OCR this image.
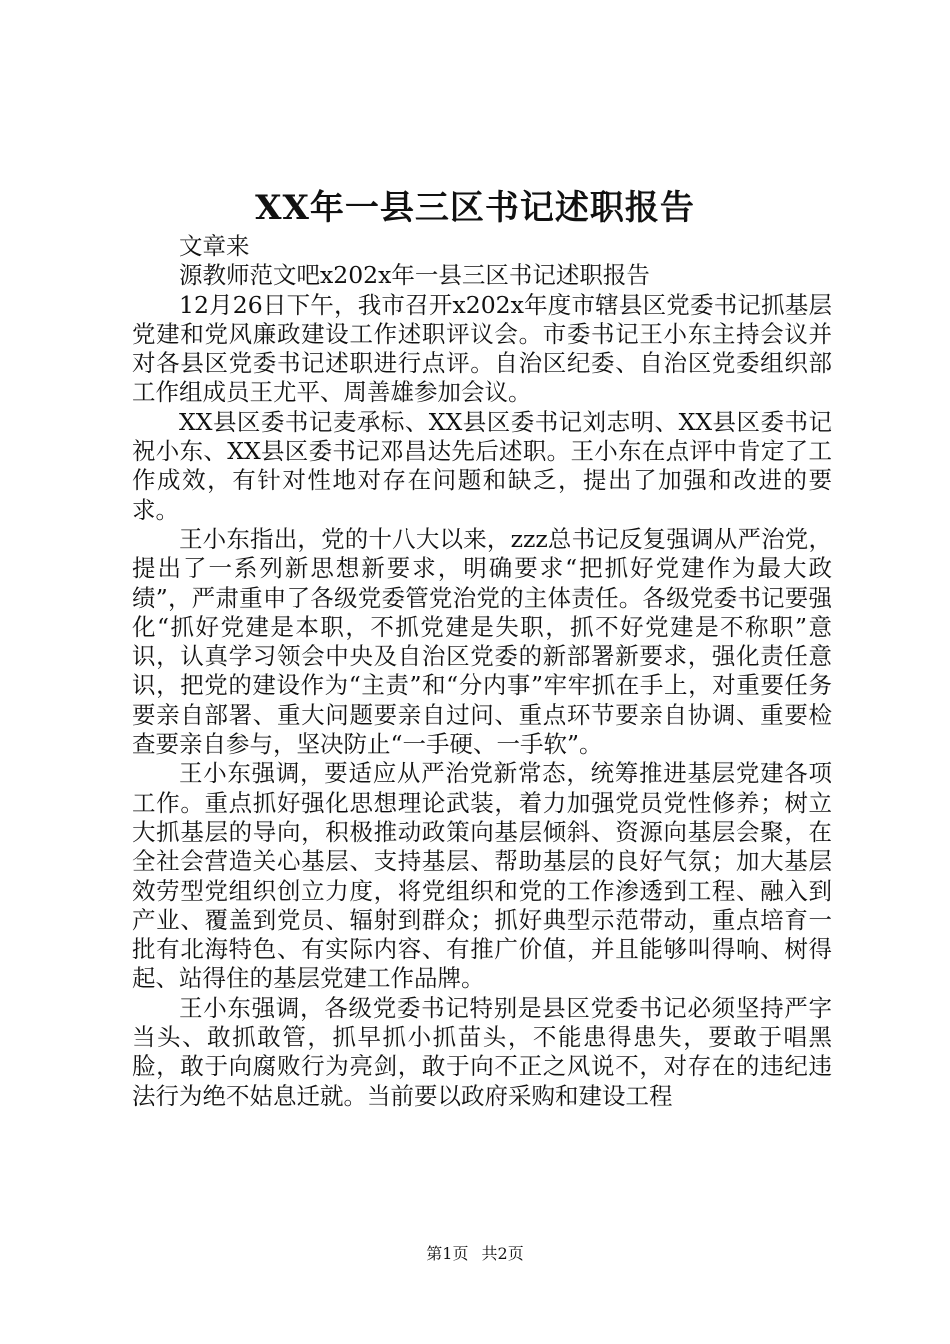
XX年一县三区书记述职报告

文章来

源教师范文吧x202x年一县三区书记述职报告

12月26日下午，我市召开x202x年度市辖县区党委书记抓基层党建和党风廉政建设工作述职评议会。市委书记王小东主持会议并对各县区党委书记述职进行点评。自治区纪委、自治区党委组织部工作组成员王尤平、周善雄参加会议。

XX县区委书记麦承标、XX县区委书记刘志明、XX县区委书记祝小东、XX县区委书记邓昌达先后述职。王小东在点评中肯定了工作成效，有针对性地对存在问题和缺乏，提出了加强和改进的要求。

王小东指出，党的十八大以来，zzz总书记反复强调从严治党，提出了一系列新思想新要求，明确要求“把抓好党建作为最大政绩”，严肃重申了各级党委管党治党的主体责任。各级党委书记要强化“抓好党建是本职，不抓党建是失职，抓不好党建是不称职”意识，认真学习领会中央及自治区党委的新部署新要求，强化责任意识，把党的建设作为“主责”和“分内事”牢牢抓在手上，对重要任务要亲自部署、重大问题要亲自过问、重点环节要亲自协调、重要检查要亲自参与，坚决防止“一手硬、一手软”。

王小东强调，要适应从严治党新常态，统筹推进基层党建各项工作。重点抓好强化思想理论武装，着力加强党员党性修养；树立大抓基层的导向，积极推动政策向基层倾斜、资源向基层会聚，在全社会营造关心基层、支持基层、帮助基层的良好气氛；加大基层效劳型党组织创立力度，将党组织和党的工作渗透到工程、融入到产业、覆盖到党员、辐射到群众；抓好典型示范带动，重点培育一批有北海特色、有实际内容、有推广价值，并且能够叫得响、树得起、站得住的基层党建工作品牌。

王小东强调，各级党委书记特别是县区党委书记必须坚持严字当头、敢抓敢管，抓早抓小抓苗头，不能患得患失，要敢于唱黑脸，敢于向腐败行为亮剑，敢于向不正之风说不，对存在的违纪违法行为绝不姑息迁就。当前要以政府采购和建设工程

第1页 共2页
